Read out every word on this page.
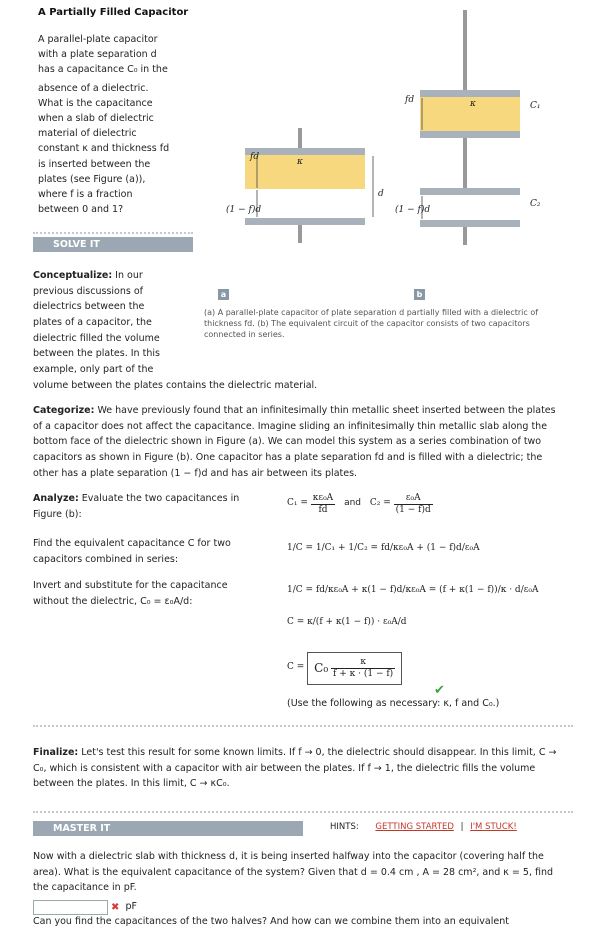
A Partially Filled Capacitor
A parallel-plate capacitor
with a plate separation d
has a capacitance C₀ in the
absence of a dielectric.
What is the capacitance
when a slab of dielectric
material of dielectric
constant κ and thickness fd
is inserted between the
plates (see Figure (a)),
where f is a fraction
between 0 and 1?
fd	κ
d
(1 − f)d
fd	κ	C₁
C₂
(1 − f)d
a	b
(a) A parallel-plate capacitor of plate separation d partially filled with a dielectric of thickness fd. (b) The equivalent circuit of the capacitor consists of two capacitors connected in series.
SOLVE IT
Conceptualize: In our
previous discussions of
dielectrics between the
plates of a capacitor, the
dielectric filled the volume
between the plates. In this
example, only part of the
volume between the plates contains the dielectric material.
Categorize: We have previously found that an infinitesimally thin metallic sheet inserted between the plates of a capacitor does not affect the capacitance. Imagine sliding an infinitesimally thin metallic slab along the bottom face of the dielectric shown in Figure (a). We can model this system as a series combination of two capacitors as shown in Figure (b). One capacitor has a plate separation fd and is filled with a dielectric; the other has a plate separation (1 − f)d and has air between its plates.
Analyze: Evaluate the two capacitances in Figure (b):
$C_1 = \frac{\text{κε₀A}}{fd}$ and $C_2 = \frac{\text{ε₀A}}{(1 - f)d}$
Find the equivalent capacitance C for two capacitors combined in series:
1/C = 1/C₁ + 1/C₂ = fd/κε₀A + (1 − f)d/ε₀A
Invert and substitute for the capacitance without the dielectric, C₀ = ε₀A/d:
1/C = fd/κε₀A + κ(1 − f)d/κε₀A = (f + κ(1 − f))/κ · d/ε₀A
C = κ/(f + κ(1 − f)) · ε₀A/d
$C = C_0 \frac{\kappa}{f + \kappa \cdot (1 - f)}$
✔
(Use the following as necessary: κ, f and C₀.)
Finalize: Let's test this result for some known limits. If f → 0, the dielectric should disappear. In this limit, C → C₀, which is consistent with a capacitor with air between the plates. If f → 1, the dielectric fills the volume between the plates. In this limit, C → κC₀.
MASTER IT	HINTS: GETTING STARTED | I'M STUCK!
Now with a dielectric slab with thickness d, it is being inserted halfway into the capacitor (covering half the area). What is the equivalent capacitance of the system? Given that d = 0.4 cm , A = 28 cm², and κ = 5, find the capacitance in pF.
✖ pF
Can you find the capacitances of the two halves? And how can we combine them into an equivalent
